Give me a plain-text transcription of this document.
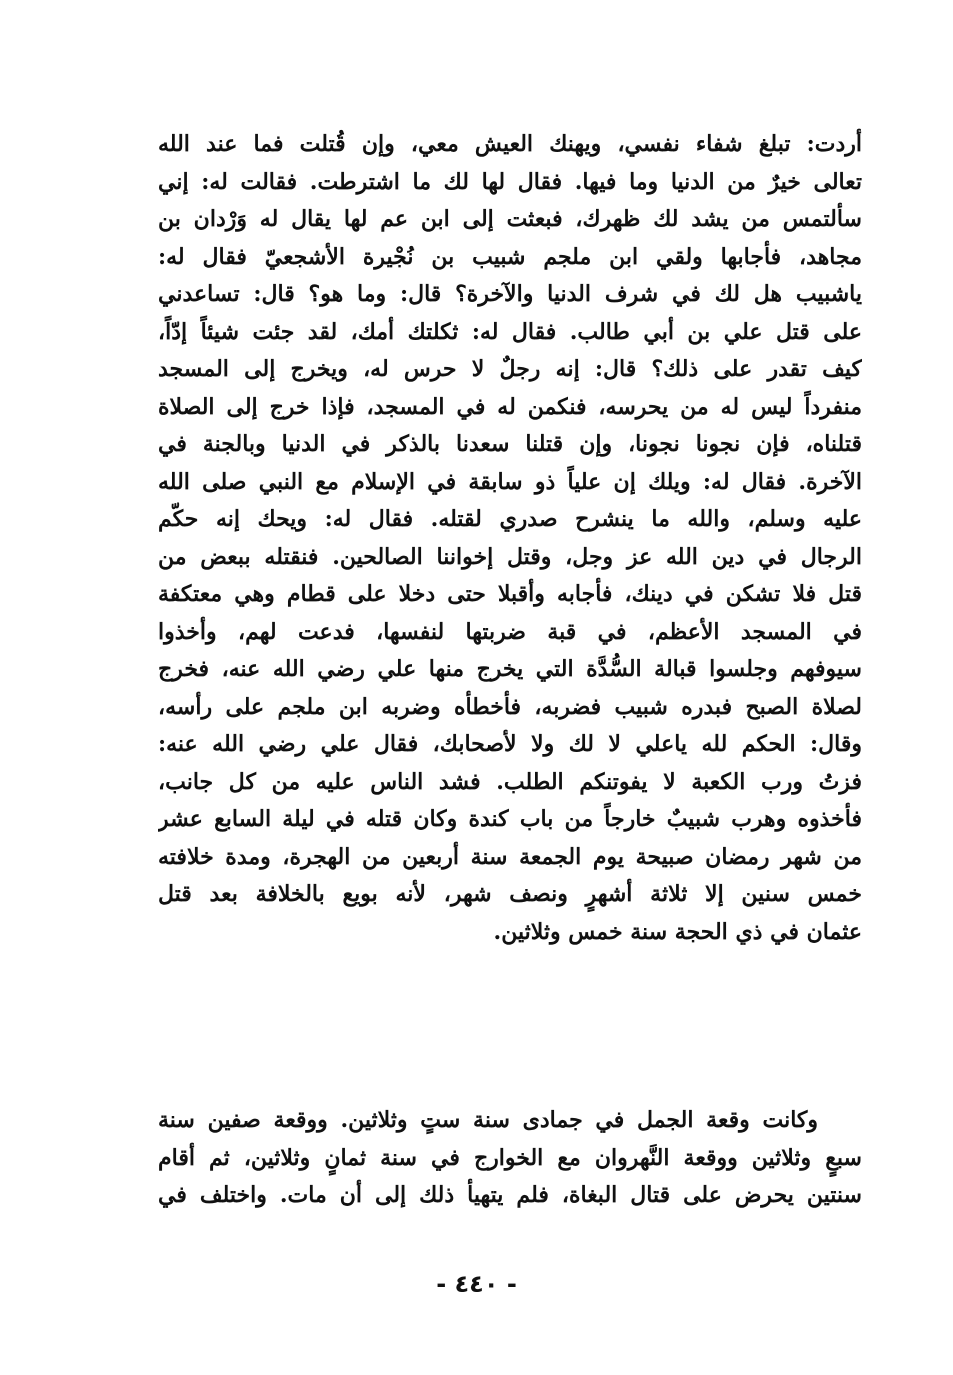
أردت: تبلغ شفاء نفسي، ويهنك العيش معي، وإن قُتلت فما عند الله
تعالى خيرٌ من الدنيا وما فيها. فقال لها لك ما اشترطت. فقالت له: إني
سألتمس من يشد لك ظهرك، فبعثت إلى ابن عم لها يقال له وَرْدان بن
مجاهد، فأجابها ولقي ابن ملجم شبيب بن نُجْيرة الأشجعيّ فقال له:
ياشبيب هل لك في شرف الدنيا والآخرة؟ قال: وما هو؟ قال: تساعدني
على قتل علي بن أبي طالب. فقال له: ثكلتك أمك، لقد جئت شيئاً إدّاً،
كيف تقدر على ذلك؟ قال: إنه رجلٌ لا حرس له، ويخرج إلى المسجد
منفرداً ليس له من يحرسه، فنكمن له في المسجد، فإذا خرج إلى الصلاة
قتلناه، فإن نجونا نجونا، وإن قتلنا سعدنا بالذكر في الدنيا وبالجنة في
الآخرة. فقال له: ويلك إن علياً ذو سابقة في الإسلام مع النبي صلى الله
عليه وسلم، والله ما ينشرح صدري لقتله. فقال له: ويحك إنه حكّم
الرجال في دين الله عز وجل، وقتل إخواننا الصالحين. فنقتله ببعض من
قتل فلا تشكن في دينك، فأجابه وأقبلا حتى دخلا على قطام وهي معتكفة
في المسجد الأعظم، في قبة ضربتها لنفسها، فدعت لهم، وأخذوا
سيوفهم وجلسوا قبالة السُّدَّة التي يخرج منها علي رضي الله عنه، فخرج
لصلاة الصبح فبدره شبيب فضربه، فأخطأه وضربه ابن ملجم على رأسه،
وقال: الحكم لله ياعلي لا لك ولا لأصحابك، فقال علي رضي الله عنه:
فزتُ ورب الكعبة لا يفوتنكم الطلب. فشد الناس عليه من كل جانب،
فأخذوه وهرب شبيبٌ خارجاً من باب كندة وكان قتله في ليلة السابع عشر
من شهر رمضان صبيحة يوم الجمعة سنة أربعين من الهجرة، ومدة خلافته
خمس سنين إلا ثلاثة أشهرٍ ونصف شهر، لأنه بويع بالخلافة بعد قتل
عثمان في ذي الحجة سنة خمس وثلاثين.
وكانت وقعة الجمل في جمادى سنة ستٍ وثلاثين. ووقعة صفين سنة
سبعٍ وثلاثين ووقعة النَّهروان مع الخوارج في سنة ثمانٍ وثلاثين، ثم أقام
سنتين يحرض على قتال البغاة، فلم يتهيأ ذلك إلى أن مات. واختلف في
- ٤٤٠ -
